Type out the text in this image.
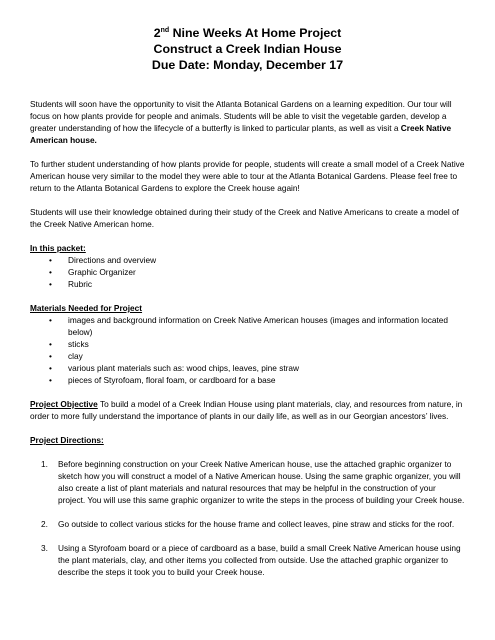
2nd Nine Weeks At Home Project
Construct a Creek Indian House
Due Date: Monday, December 17

Students will soon have the opportunity to visit the Atlanta Botanical Gardens on a learning expedition. Our tour will focus on how plants provide for people and animals. Students will be able to visit the vegetable garden, develop a greater understanding of how the lifecycle of a butterfly is linked to particular plants, as well as visit a Creek Native American house.

To further student understanding of how plants provide for people, students will create a small model of a Creek Native American house very similar to the model they were able to tour at the Atlanta Botanical Gardens. Please feel free to return to the Atlanta Botanical Gardens to explore the Creek house again!

Students will use their knowledge obtained during their study of the Creek and Native Americans to create a model of the Creek Native American home.

In this packet:
• Directions and overview
• Graphic Organizer
• Rubric
Materials Needed for Project
• images and background information on Creek Native American houses (images and information located below)
• sticks
• clay
• various plant materials such as: wood chips, leaves, pine straw
• pieces of Styrofoam, floral foam, or cardboard for a base

Project Objective To build a model of a Creek Indian House using plant materials, clay, and resources from nature, in order to more fully understand the importance of plants in our daily life, as well as in our Georgian ancestors’ lives.

Project Directions:
1. Before beginning construction on your Creek Native American house, use the attached graphic organizer to sketch how you will construct a model of a Native American house. Using the same graphic organizer, you will also create a list of plant materials and natural resources that may be helpful in the construction of your project. You will use this same graphic organizer to write the steps in the process of building your Creek house.
2. Go outside to collect various sticks for the house frame and collect leaves, pine straw and sticks for the roof.
3. Using a Styrofoam board or a piece of cardboard as a base, build a small Creek Native American house using the plant materials, clay, and other items you collected from outside. Use the attached graphic organizer to describe the steps it took you to build your Creek house.
